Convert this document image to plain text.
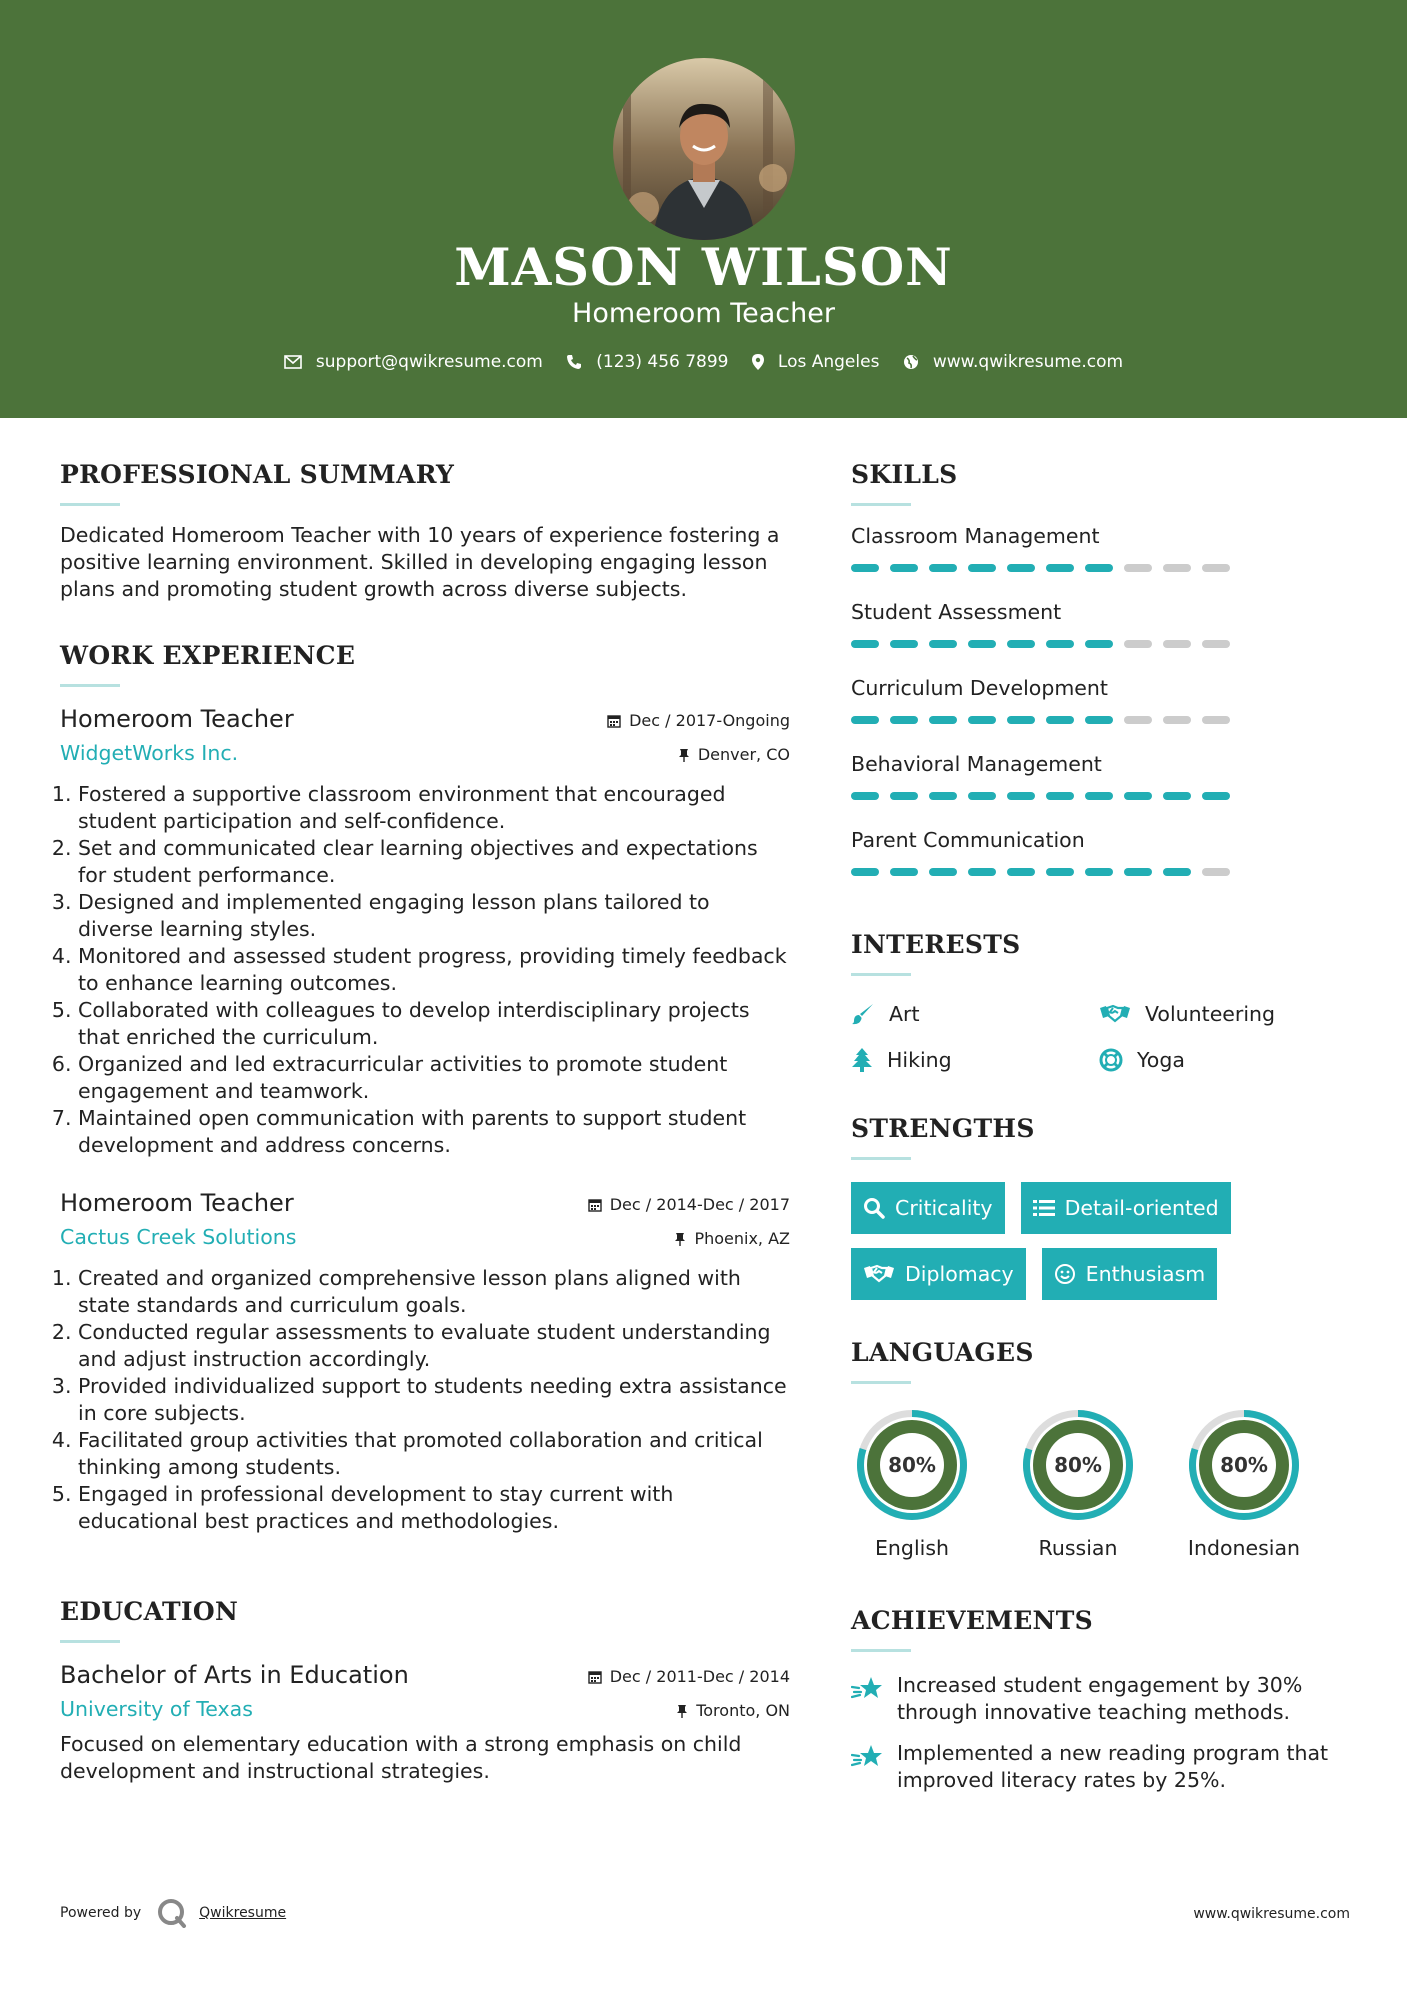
MASON WILSON
Homeroom Teacher
support@qwikresume.com
	(123) 456 7899
	Los Angeles
	www.qwikresume.com
PROFESSIONAL SUMMARY
Dedicated Homeroom Teacher with 10 years of experience fostering a positive learning environment. Skilled in developing engaging lesson plans and promoting student growth across diverse subjects.
WORK EXPERIENCE
Homeroom Teacher	Dec / 2017-Ongoing
WidgetWorks Inc.	Denver, CO
1. Fostered a supportive classroom environment that encouraged student participation and self-confidence.
2. Set and communicated clear learning objectives and expectations for student performance.
3. Designed and implemented engaging lesson plans tailored to diverse learning styles.
4. Monitored and assessed student progress, providing timely feedback to enhance learning outcomes.
5. Collaborated with colleagues to develop interdisciplinary projects that enriched the curriculum.
6. Organized and led extracurricular activities to promote student engagement and teamwork.
7. Maintained open communication with parents to support student development and address concerns.
Homeroom Teacher	Dec / 2014-Dec / 2017
Cactus Creek Solutions	Phoenix, AZ
1. Created and organized comprehensive lesson plans aligned with state standards and curriculum goals.
2. Conducted regular assessments to evaluate student understanding and adjust instruction accordingly.
3. Provided individualized support to students needing extra assistance in core subjects.
4. Facilitated group activities that promoted collaboration and critical thinking among students.
5. Engaged in professional development to stay current with educational best practices and methodologies.
EDUCATION
Bachelor of Arts in Education	Dec / 2011-Dec / 2014
University of Texas	Toronto, ON
Focused on elementary education with a strong emphasis on child development and instructional strategies.
SKILLS
Classroom Management
Student Assessment
Curriculum Development
Behavioral Management
Parent Communication
INTERESTS
Art	Volunteering
Hiking	Yoga
STRENGTHS
Criticality	Detail-oriented
Diplomacy	Enthusiasm
LANGUAGES
80%
English
80%
Russian
80%
Indonesian
ACHIEVEMENTS
Increased student engagement by 30% through innovative teaching methods.
Implemented a new reading program that improved literacy rates by 25%.
Powered by	Qwikresume	www.qwikresume.com
